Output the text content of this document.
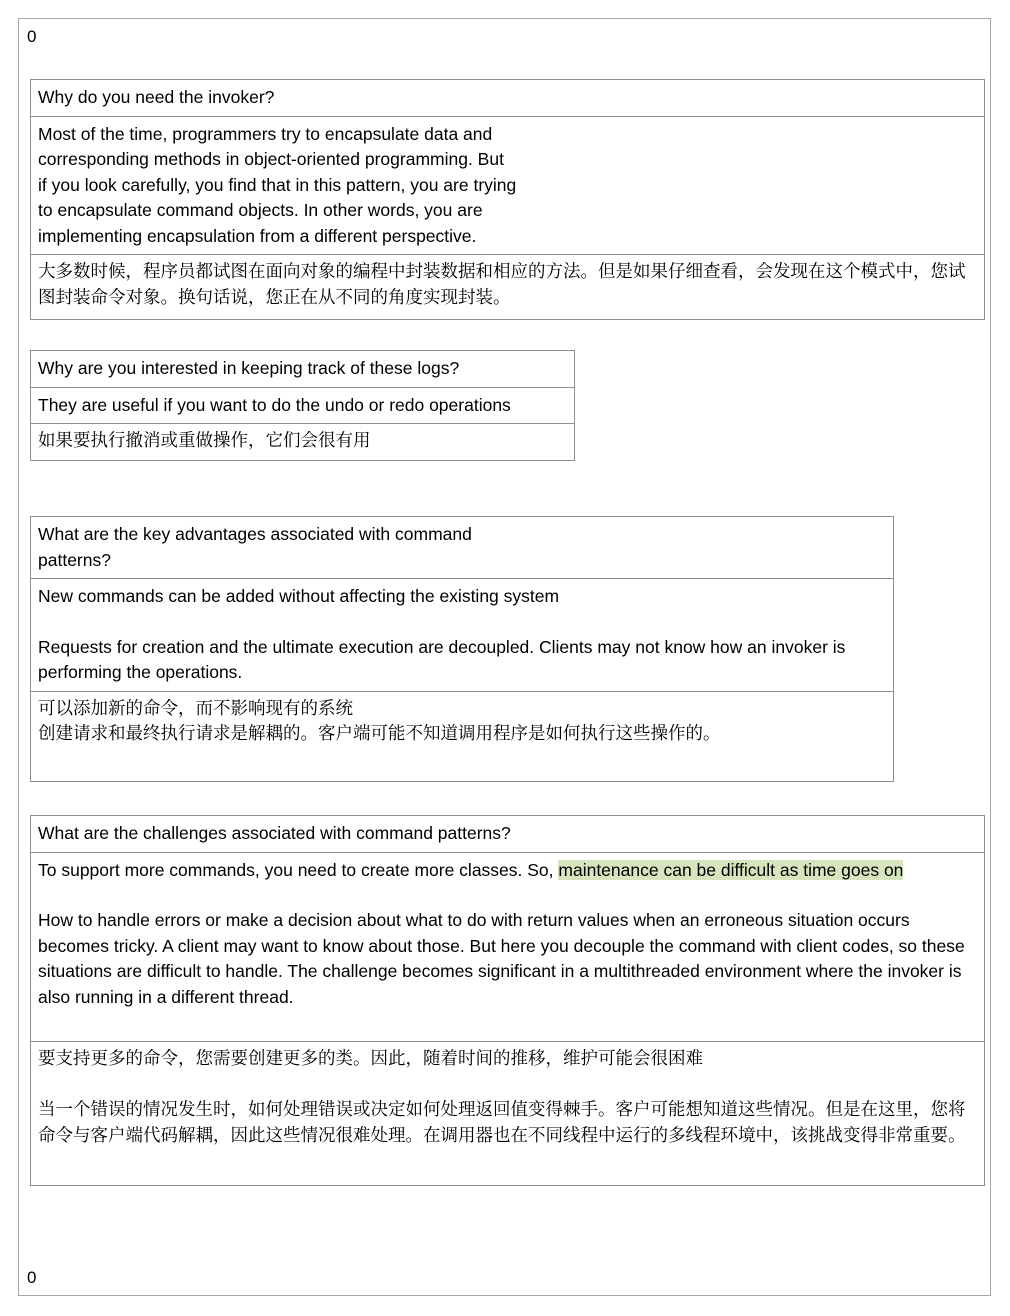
0
Why do you need the invoker?

Most of the time, programmers try to encapsulate data and
corresponding methods in object-oriented programming. But
if you look carefully, you find that in this pattern, you are trying
to encapsulate command objects. In other words, you are
implementing encapsulation from a different perspective.

大多数时候，程序员都试图在面向对象的编程中封装数据和相应的方法。但是如果仔细查看，会发现在这个模式中，您试图封装命令对象。换句话说，您正在从不同的角度实现封装。
Why are you interested in keeping track of these logs?
They are useful if you want to do the undo or redo operations
如果要执行撤消或重做操作，它们会很有用
What are the key advantages associated with command patterns?

New commands can be added without affecting the existing system
Requests for creation and the ultimate execution are decoupled. Clients may not know how an invoker is performing the operations.

可以添加新的命令，而不影响现有的系统
创建请求和最终执行请求是解耦的。客户端可能不知道调用程序是如何执行这些操作的。
What are the challenges associated with command patterns?

To support more commands, you need to create more classes. So, maintenance can be difficult as time goes on
How to handle errors or make a decision about what to do with return values when an erroneous situation occurs becomes tricky. A client may want to know about those. But here you decouple the command with client codes, so these situations are difficult to handle. The challenge becomes significant in a multithreaded environment where the invoker is also running in a different thread.

要支持更多的命令，您需要创建更多的类。因此，随着时间的推移，维护可能会很困难
当一个错误的情况发生时，如何处理错误或决定如何处理返回值变得棘手。客户可能想知道这些情况。但是在这里，您将命令与客户端代码解耦，因此这些情况很难处理。在调用器也在不同线程中运行的多线程环境中，该挑战变得非常重要。
0
